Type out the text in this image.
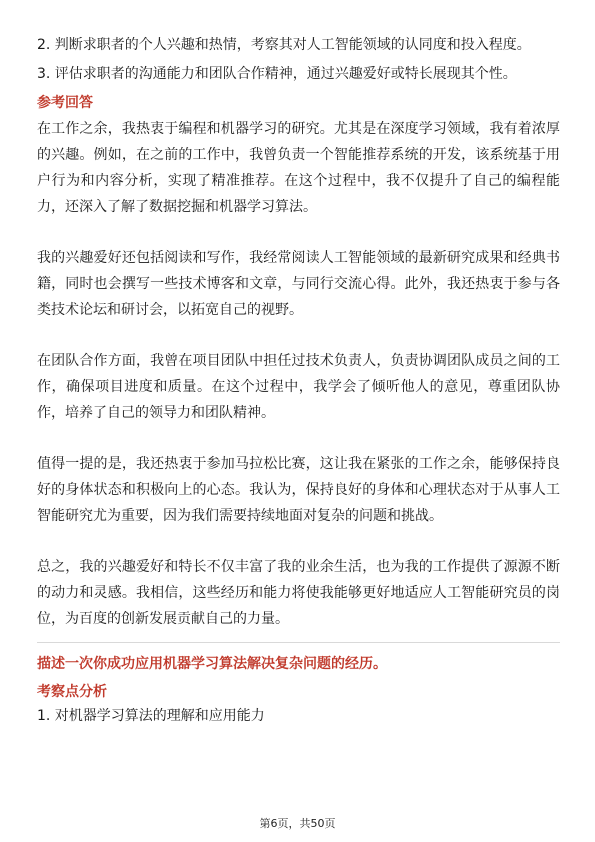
2. 判断求职者的个人兴趣和热情，考察其对人工智能领域的认同度和投入程度。

3. 评估求职者的沟通能力和团队合作精神，通过兴趣爱好或特长展现其个性。

参考回答

在工作之余，我热衷于编程和机器学习的研究。尤其是在深度学习领域，我有着浓厚的兴趣。例如，在之前的工作中，我曾负责一个智能推荐系统的开发，该系统基于用户行为和内容分析，实现了精准推荐。在这个过程中，我不仅提升了自己的编程能力，还深入了解了数据挖掘和机器学习算法。

我的兴趣爱好还包括阅读和写作，我经常阅读人工智能领域的最新研究成果和经典书籍，同时也会撰写一些技术博客和文章，与同行交流心得。此外，我还热衷于参与各类技术论坛和研讨会，以拓宽自己的视野。

在团队合作方面，我曾在项目团队中担任过技术负责人，负责协调团队成员之间的工作，确保项目进度和质量。在这个过程中，我学会了倾听他人的意见，尊重团队协作，培养了自己的领导力和团队精神。

值得一提的是，我还热衷于参加马拉松比赛，这让我在紧张的工作之余，能够保持良好的身体状态和积极向上的心态。我认为，保持良好的身体和心理状态对于从事人工智能研究尤为重要，因为我们需要持续地面对复杂的问题和挑战。

总之，我的兴趣爱好和特长不仅丰富了我的业余生活，也为我的工作提供了源源不断的动力和灵感。我相信，这些经历和能力将使我能够更好地适应人工智能研究员的岗位，为百度的创新发展贡献自己的力量。

描述一次你成功应用机器学习算法解决复杂问题的经历。
考察点分析

1. 对机器学习算法的理解和应用能力

第6页，共50页
